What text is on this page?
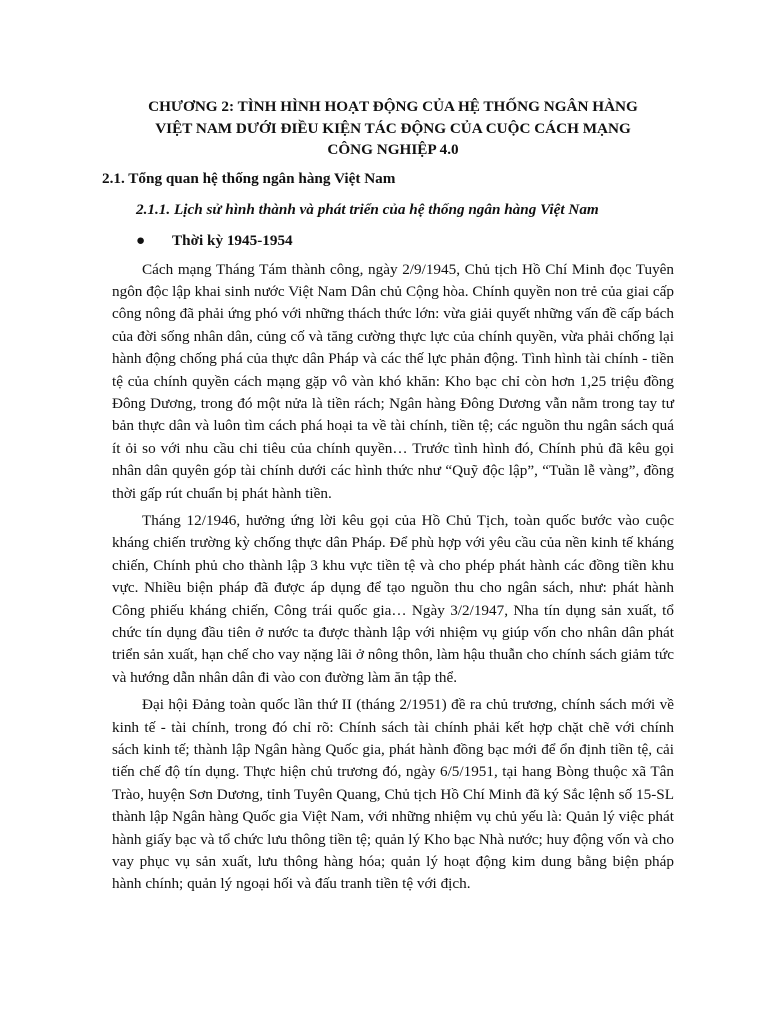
CHƯƠNG 2: TÌNH HÌNH HOẠT ĐỘNG CỦA HỆ THỐNG NGÂN HÀNG
VIỆT NAM DƯỚI ĐIỀU KIỆN TÁC ĐỘNG CỦA CUỘC CÁCH MẠNG
CÔNG NGHIỆP 4.0
2.1. Tổng quan hệ thống ngân hàng Việt Nam
2.1.1. Lịch sử hình thành và phát triển của hệ thống ngân hàng Việt Nam
●	Thời kỳ 1945-1954

Cách mạng Tháng Tám thành công, ngày 2/9/1945, Chủ tịch Hồ Chí Minh đọc Tuyên ngôn độc lập khai sinh nước Việt Nam Dân chủ Cộng hòa. Chính quyền non trẻ của giai cấp công nông đã phải ứng phó với những thách thức lớn: vừa giải quyết những vấn đề cấp bách của đời sống nhân dân, củng cố và tăng cường thực lực của chính quyền, vừa phải chống lại hành động chống phá của thực dân Pháp và các thế lực phản động. Tình hình tài chính - tiền tệ của chính quyền cách mạng gặp vô vàn khó khăn: Kho bạc chỉ còn hơn 1,25 triệu đồng Đông Dương, trong đó một nửa là tiền rách; Ngân hàng Đông Dương vẫn nằm trong tay tư bản thực dân và luôn tìm cách phá hoại ta về tài chính, tiền tệ; các nguồn thu ngân sách quá ít ỏi so với nhu cầu chi tiêu của chính quyền… Trước tình hình đó, Chính phủ đã kêu gọi nhân dân quyên góp tài chính dưới các hình thức như “Quỹ độc lập”, “Tuần lễ vàng”, đồng thời gấp rút chuẩn bị phát hành tiền.

Tháng 12/1946, hưởng ứng lời kêu gọi của Hồ Chủ Tịch, toàn quốc bước vào cuộc kháng chiến trường kỳ chống thực dân Pháp. Để phù hợp với yêu cầu của nền kinh tế kháng chiến, Chính phủ cho thành lập 3 khu vực tiền tệ và cho phép phát hành các đồng tiền khu vực. Nhiều biện pháp đã được áp dụng để tạo nguồn thu cho ngân sách, như: phát hành Công phiếu kháng chiến, Công trái quốc gia… Ngày 3/2/1947, Nha tín dụng sản xuất, tổ chức tín dụng đầu tiên ở nước ta được thành lập với nhiệm vụ giúp vốn cho nhân dân phát triển sản xuất, hạn chế cho vay nặng lãi ở nông thôn, làm hậu thuẫn cho chính sách giảm tức và hướng dẫn nhân dân đi vào con đường làm ăn tập thể.

Đại hội Đảng toàn quốc lần thứ II (tháng 2/1951) đề ra chủ trương, chính sách mới về kinh tế - tài chính, trong đó chỉ rõ: Chính sách tài chính phải kết hợp chặt chẽ với chính sách kinh tế; thành lập Ngân hàng Quốc gia, phát hành đồng bạc mới để ổn định tiền tệ, cải tiến chế độ tín dụng. Thực hiện chủ trương đó, ngày 6/5/1951, tại hang Bòng thuộc xã Tân Trào, huyện Sơn Dương, tỉnh Tuyên Quang, Chủ tịch Hồ Chí Minh đã ký Sắc lệnh số 15-SL thành lập Ngân hàng Quốc gia Việt Nam, với những nhiệm vụ chủ yếu là: Quản lý việc phát hành giấy bạc và tổ chức lưu thông tiền tệ; quản lý Kho bạc Nhà nước; huy động vốn và cho vay phục vụ sản xuất, lưu thông hàng hóa; quản lý hoạt động kim dung bằng biện pháp hành chính; quản lý ngoại hối và đấu tranh tiền tệ với địch.
